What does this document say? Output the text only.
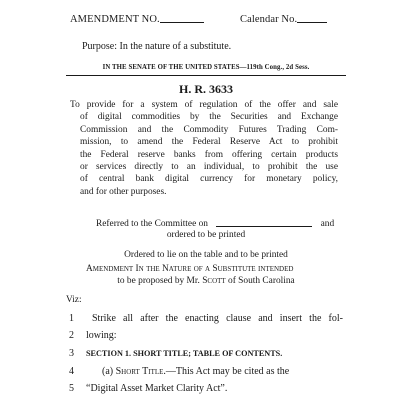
AMENDMENT NO.	Calendar No.
Purpose: In the nature of a substitute.
IN THE SENATE OF THE UNITED STATES—119th Cong., 2d Sess.
H. R. 3633
To provide for a system of regulation of the offer and sale
of digital commodities by the Securities and Exchange
Commission and the Commodity Futures Trading Com-
mission, to amend the Federal Reserve Act to prohibit
the Federal reserve banks from offering certain products
or services directly to an individual, to prohibit the use
of central bank digital currency for monetary policy,
and for other purposes.
Referred to the Committee on	and
ordered to be printed
Ordered to lie on the table and to be printed
Amendment In the Nature of a Substitute intended
to be proposed by Mr. Scott of South Carolina
Viz:
1 Strike all after the enacting clause and insert the fol-
2 lowing:
3 SECTION 1. SHORT TITLE; TABLE OF CONTENTS.
4	(a) Short Title.—This Act may be cited as the
5 “Digital Asset Market Clarity Act”.
